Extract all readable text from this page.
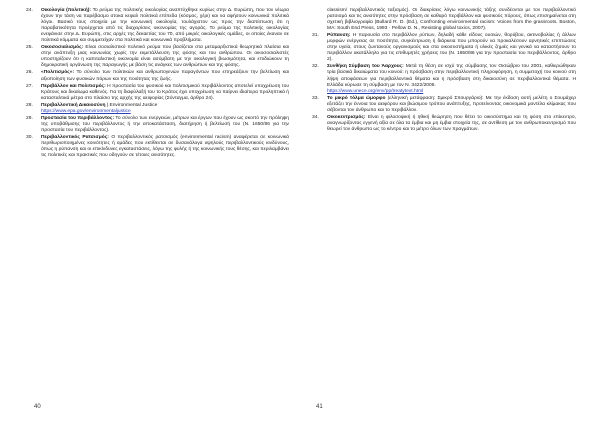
24. Οικολογία (πολιτική): Το ρεύμα της πολιτικής οικολογίας αναπτύχθηκε κυρίως στην Δ. Ευρώπη, που τον νέωρα έχουν την τάση να παρέβασμο στοκα κεφαλ πολιτικά επίπεδα (κόσμος, χέρι) και να αφήσουν κοινωνικά πολιτικά λόγοι. Βασικό τους στοιχεία με την κοινωνική οικολογία, τουλάχιστον ως προς την διαπίστωση ότι η παραβατικότητα προέρχεται από τις διαχειρίσεις οικονομίας της αγοράς. Το ρεύμα της πολιτικής οικολογίας ενεφάνισε στην Δ. Ευρώπη, στις αρχές της δεκαετίας του 70, από μικρές οικολογικές ομάδες, οι οποίες έκαναν σε πολιτικά κόμματα και συμμετείχαν στα πολιτικά και κοινωνικά προβλήματα.
25. Οικοσοσιαλισμός: Είναι σοσιαλιστικό πολιτικό ρεύμα που βασίζεται στα μεταμαρξιστικά θεωρητικά πλαίσια και στην ανάπτυξη μιας κοινωνίας χωρίς την εκμετάλλευση της φύσης και του ανθρώπου. Οι οικοσοσιαλιστές υποστηρίζουν ότι η καπιταλιστική οικονομία είναι ασύμβατη με την οικολογική βιωσιμότητα, και επιδιώκουν τη δημοκρατική οργάνωση της παραγωγής με βάση τις ανάγκες των ανθρώπων και της φύσης.
26. «Πολιτισμός»: Το σύνολο των πολιτικών και ανθρωπογενών παραγόντων που επηρεάζουν την βελτίωση και αξιοποίηση των φυσικών πόρων και της ποιότητας της ζωής.
27. Περιβάλλον και Πολιτισμός: Η προστασία του φυσικού και πολιτισμικού περιβάλλοντος αποτελεί υποχρέωση του Κράτους και δικαίωμα καθενός. Για τη διαφύλαξή του το Κράτος έχει υποχρέωση να παίρνει ιδιαίτερα προληπτικά ή κατασταλτικά μέτρα στο πλαίσιο της αρχής της αειφορίας (Σύνταγμα, άρθρο 24).
28. Περιβαλλοντική Δικαιοσύνη | Environmental Justice
https://www.epa.gov/environmentaljustice
29. Προστασία του περιβάλλοντος: Το σύνολο των ενεργειών, μέτρων και έργων που έχουν ως σκοπό την πρόληψη της υποβάθμισης του περιβάλλοντος ή την αποκατάσταση, διατήρηση ή βελτίωσή του (Ν. 1650/86 για την προστασία του περιβάλλοντος).
30. Περιβαλλοντικός Ρατσισμός: Ο περιβαλλοντικός ρατσισμός (environmental racism) αναφέρεται σε κοινωνικά περιθωριοποιημένες κοινότητες ή ομάδες που εκτίθενται σε δυσανάλογα υψηλούς περιβαλλοντικούς κινδύνους, όπως η ρύπανση και οι επικίνδυνες εγκαταστάσεις, λόγω της φυλής ή της κοινωνικής τους θέσης, και περιλαμβάνει τις πολιτικές και πρακτικές που οδηγούν σε τέτοιες ανισότητες.
40
classism/ περιβαλλοντικός ταξισμός). Οι διακρίσεις λόγω κοινωνικής τάξης συνδέονται με τον περιβαλλοντικό ρατσισμό και τις ανισότητες στην πρόσβαση σε καθαρό περιβάλλον και φυσικούς πόρους, όπως επισημαίνεται στη σχετική βιβλιογραφία (Bullard R. D. (Ed.), Confronting environmental racism: Voices from the grassroots. Boston, MA: South End Press, 1993 · Pellow D. N., Resisting global toxics, 2007).
31. Ρύπανση: Η παρουσία στο περιβάλλον ρύπων, δηλαδή κάθε είδους ουσιών, θορύβου, ακτινοβολίας ή άλλων μορφών ενέργειας σε ποσότητα, συγκέντρωση ή διάρκεια που μπορούν να προκαλέσουν αρνητικές επιπτώσεις στην υγεία, στους ζωντανούς οργανισμούς και στα οικοσυστήματα ή υλικές ζημιές και γενικά να καταστήσουν το περιβάλλον ακατάλληλο για τις επιθυμητές χρήσεις του (Ν. 1650/86 για την προστασία του περιβάλλοντος, άρθρο 2).
32. Συνθήκη Σύμβαση του Άαρχους: Μετά τη θέση σε ισχύ της σύμβασης τον Οκτώβριο του 2001, καθιερώθηκαν τρία βασικά δικαιώματα του κοινού: η πρόσβαση στην περιβαλλοντική πληροφόρηση, η συμμετοχή του κοινού στη λήψη αποφάσεων για περιβαλλοντικά θέματα και η πρόσβαση στη δικαιοσύνη σε περιβαλλοντικά θέματα. Η Ελλάδα κύρωσε τη σύμβαση με τον Ν. 3422/2005.
https://www.unece.org/env/pp/treatytext.html
33. Το μικρό τόλμα ώμορφο (ελληνική μετάφραση: Σμικρό Σπουργάριο): Με την έκδοση αυτή μελέτη ο Σουμάχερ εξετάζει την έννοια του αειφόρου και βιώσιμου τρόπου ανάπτυξης, προτείνοντας οικονομικά μοντέλα κλίμακας που σέβονται τον άνθρωπο και το περιβάλλον.
34. Οικοκεντρισμός: Είναι η φιλοσοφική ή ηθική θεώρηση που θέτει το οικοσύστημα και τη φύση στο επίκεντρο, αναγνωρίζοντας εγγενή αξία σε όλα τα έμβια και μη έμβια στοιχεία της, σε αντίθεση με τον ανθρωποκεντρισμό που θεωρεί τον άνθρωπο ως το κέντρο και το μέτρο όλων των πραγμάτων.
41
